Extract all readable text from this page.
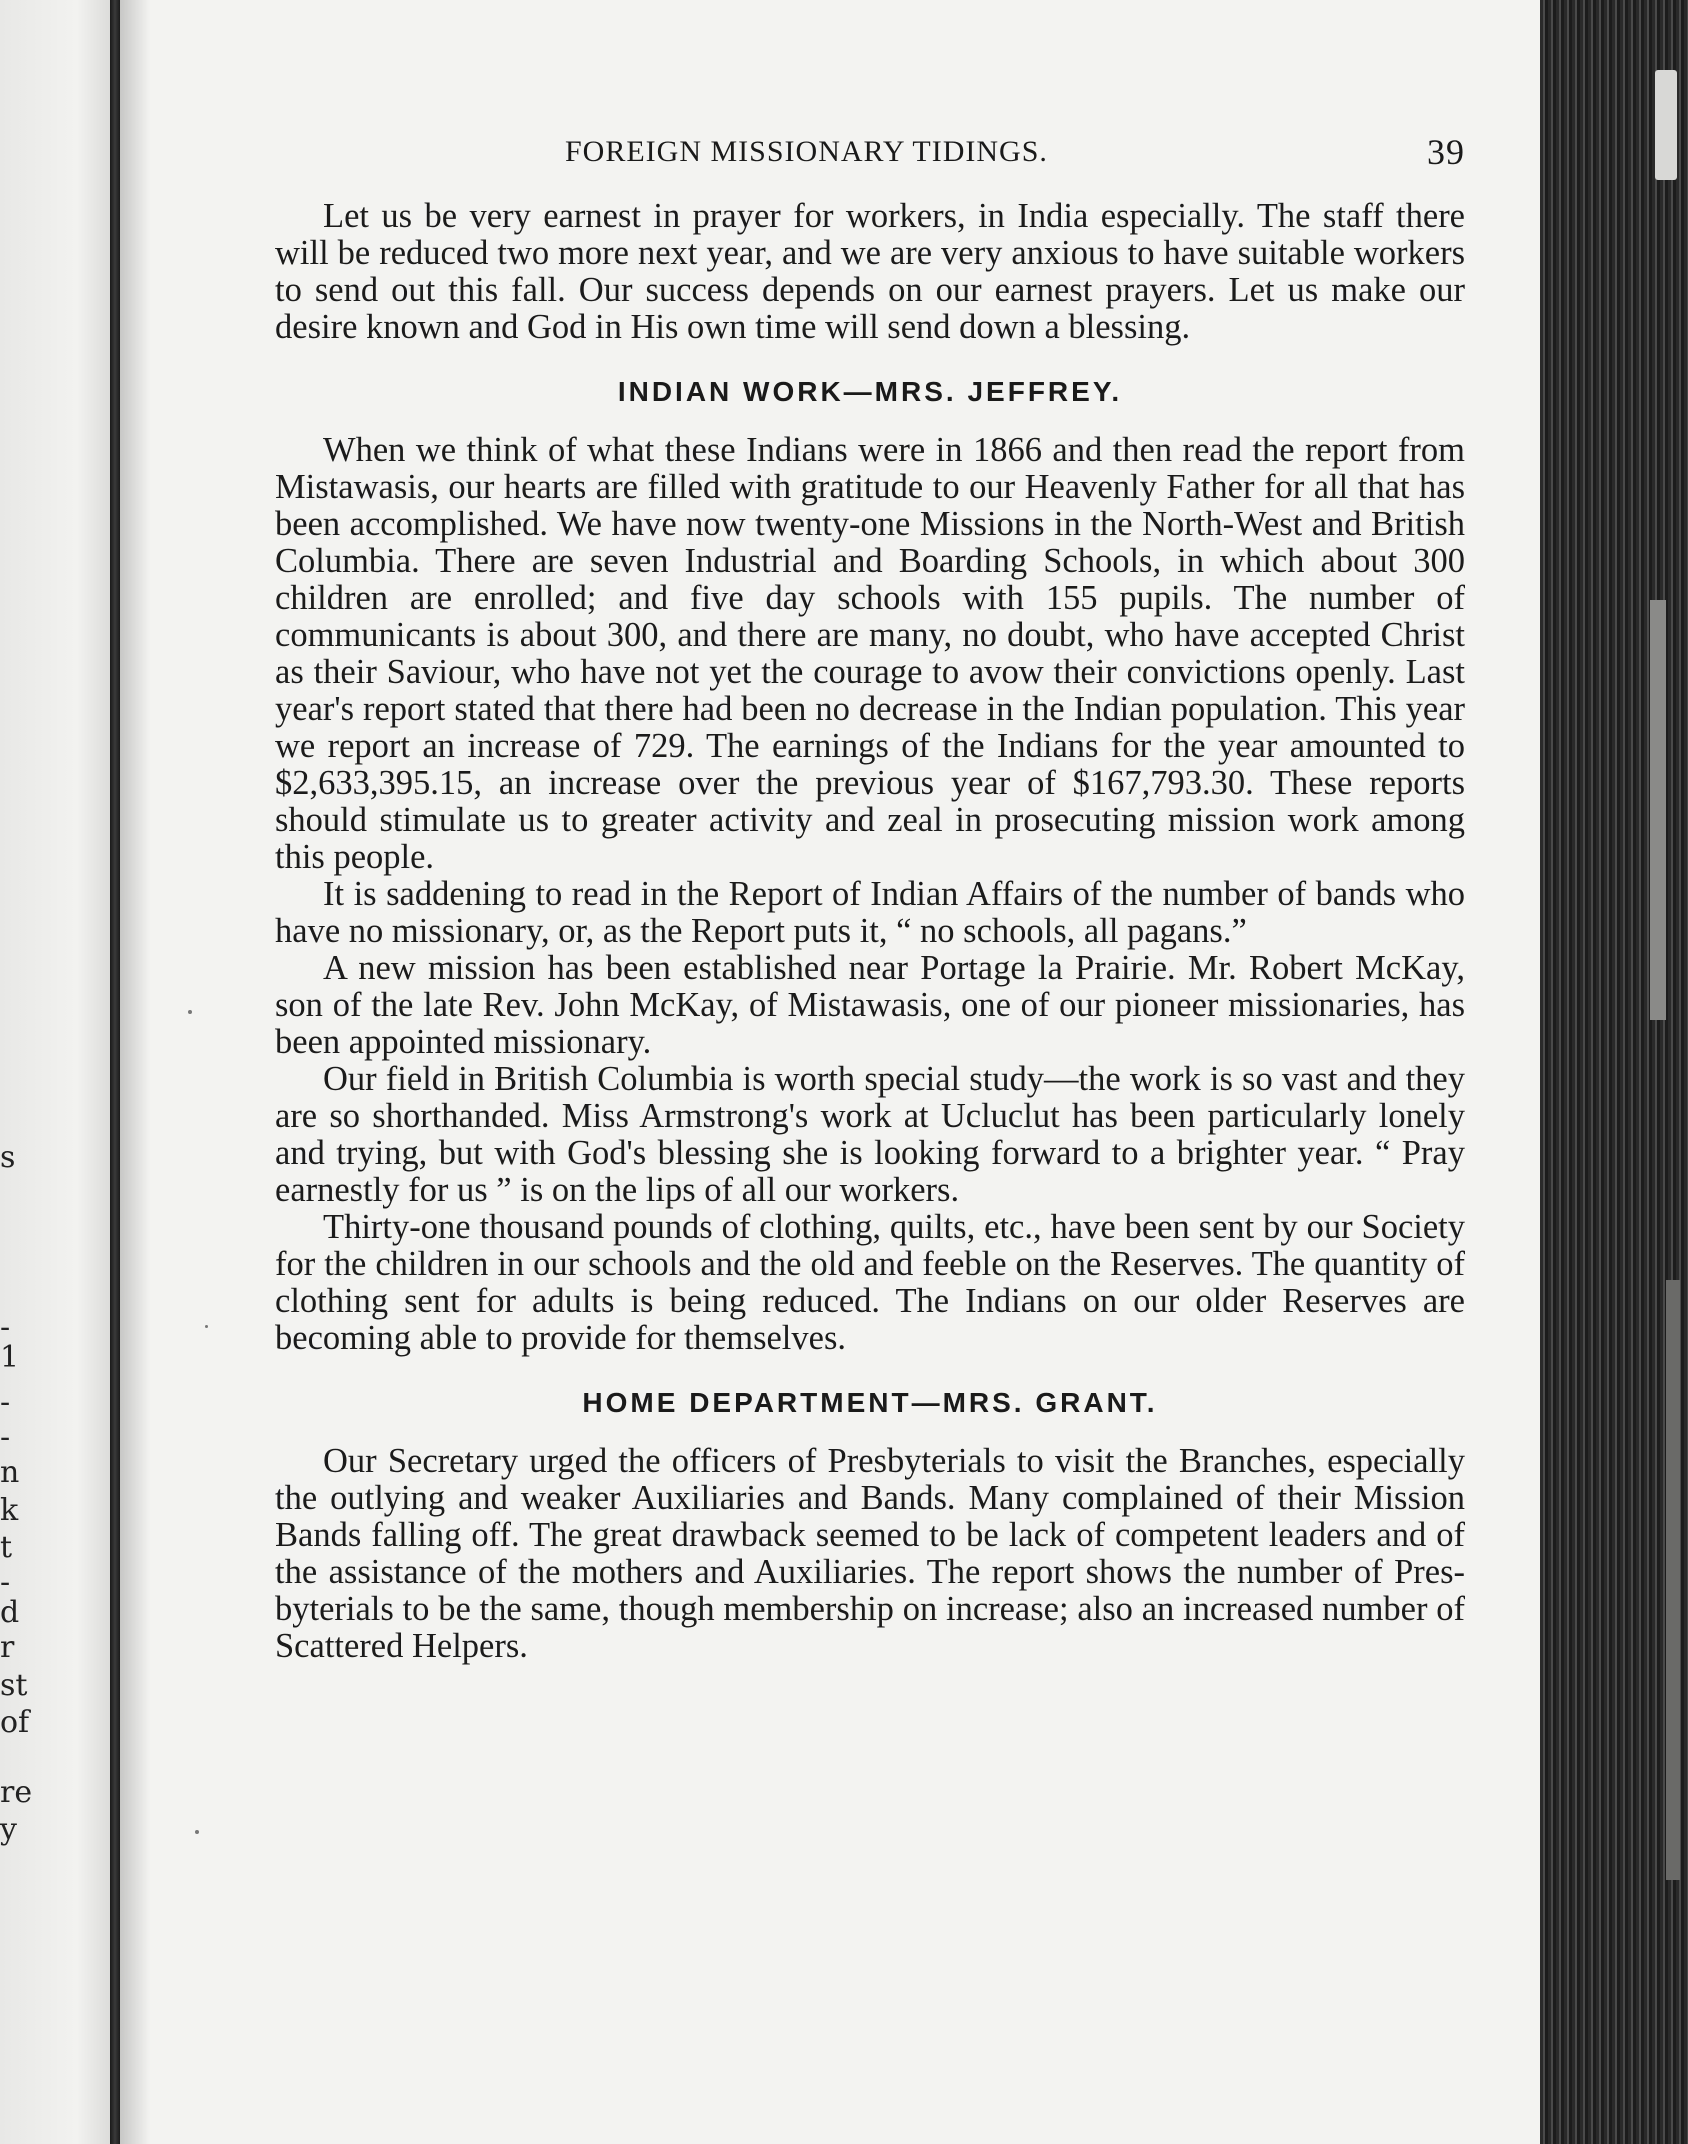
-
1
-
-
n
k
t
-
d
r
st
of
re
y
s
FOREIGN MISSIONARY TIDINGS.	39

Let us be very earnest in prayer for workers, in India especially. The staff there will be reduced two more next year, and we are very anxious to have suitable workers to send out this fall. Our success depends on our earnest prayers. Let us make our desire known and God in His own time will send down a blessing.

INDIAN WORK—MRS. JEFFREY.

When we think of what these Indians were in 1866 and then read the report from Mistawasis, our hearts are filled with gratitude to our Heavenly Father for all that has been accomplished. We have now twenty-one Missions in the North-West and British Columbia. There are seven Industrial and Boarding Schools, in which about 300 children are enrolled; and five day schools with 155 pupils. The number of communicants is about 300, and there are many, no doubt, who have accepted Christ as their Saviour, who have not yet the courage to avow their convictions openly. Last year's report stated that there had been no decrease in the Indian population. This year we report an increase of 729. The earnings of the Indians for the year amounted to $2,633,395.15, an increase over the previous year of $167,793.30. These reports should stimulate us to greater activity and zeal in prosecuting mission work among this people.

It is saddening to read in the Report of Indian Affairs of the number of bands who have no missionary, or, as the Report puts it, “ no schools, all pagans.”

A new mission has been established near Portage la Prairie. Mr. Robert McKay, son of the late Rev. John McKay, of Mistawasis, one of our pioneer missionaries, has been appointed missionary.

Our field in British Columbia is worth special study—the work is so vast and they are so shorthanded. Miss Armstrong's work at Ucluclut has been particularly lonely and trying, but with God's blessing she is looking forward to a brighter year. “ Pray earnestly for us ” is on the lips of all our workers.

Thirty-one thousand pounds of clothing, quilts, etc., have been sent by our Society for the children in our schools and the old and feeble on the Reserves. The quantity of clothing sent for adults is being reduced. The Indians on our older Reserves are becoming able to provide for themselves.

HOME DEPARTMENT—MRS. GRANT.

Our Secretary urged the officers of Presbyterials to visit the Branches, especially the outlying and weaker Auxiliaries and Bands. Many complained of their Mission Bands falling off. The great drawback seemed to be lack of competent leaders and of the assistance of the mothers and Auxiliaries. The report shows the number of Presbyterials to be the same, though membership on increase; also an increased number of Scattered Helpers.
